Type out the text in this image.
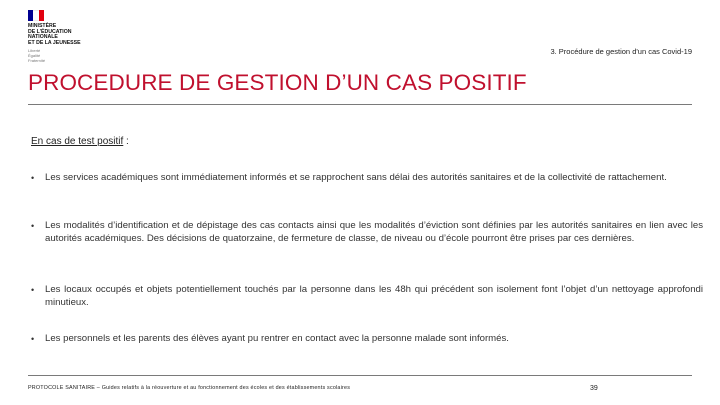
MINISTÈRE
DE L'ÉDUCATION
NATIONALE
ET DE LA JEUNESSE
Liberté
Égalité
Fraternité
3. Procédure de gestion d'un cas Covid-19
PROCEDURE DE GESTION D’UN CAS POSITIF
En cas de test positif :
• Les services académiques sont immédiatement informés et se rapprochent sans délai des autorités sanitaires et de la collectivité de rattachement.
• Les modalités d’identification et de dépistage des cas contacts ainsi que les modalités d’éviction sont définies par les autorités sanitaires en lien avec les autorités académiques. Des décisions de quatorzaine, de fermeture de classe, de niveau ou d’école pourront être prises par ces dernières.
• Les locaux occupés et objets potentiellement touchés par la personne dans les 48h qui précédent son isolement font l’objet d’un nettoyage approfondi minutieux.
• Les personnels et les parents des élèves ayant pu rentrer en contact avec la personne malade sont informés.
PROTOCOLE SANITAIRE – Guides relatifs à la réouverture et au fonctionnement des écoles et des établissements scolaires	39
